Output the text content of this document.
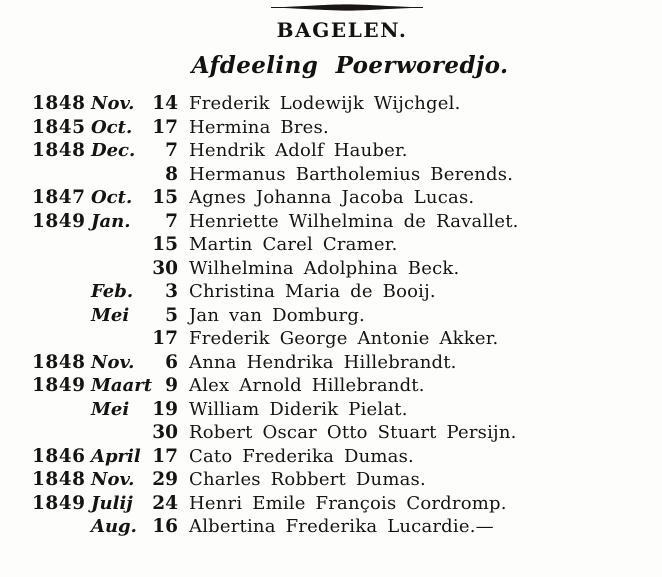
BAGELEN.
Afdeeling Poerworedjo.
1848 Nov. 14 Frederik Lodewijk Wijchgel.
1845 Oct.	17 Hermina Bres.
1848 Dec.	7 Hendrik Adolf Hauber.
8 Hermanus Bartholemius Berends.
1847 Oct.	15 Agnes Johanna Jacoba Lucas.
1849 Jan.	7 Henriette Wilhelmina de Ravallet.
15 Martin Carel Cramer.
30 Wilhelmina Adolphina Beck.
Feb.	3 Christina Maria de Booij.
Mei	5 Jan van Domburg.
17 Frederik George Antonie Akker.
1848 Nov.	6 Anna Hendrika Hillebrandt.
1849 Maart 9 Alex Arnold Hillebrandt.
Mei	19 William Diderik Pielat.
30 Robert Oscar Otto Stuart Persijn.
1846 April 17 Cato Frederika Dumas.
1848 Nov. 29 Charles Robbert Dumas.
1849 Julij	24 Henri Emile François Cordromp.
Aug. 16 Albertina Frederika Lucardie.—
